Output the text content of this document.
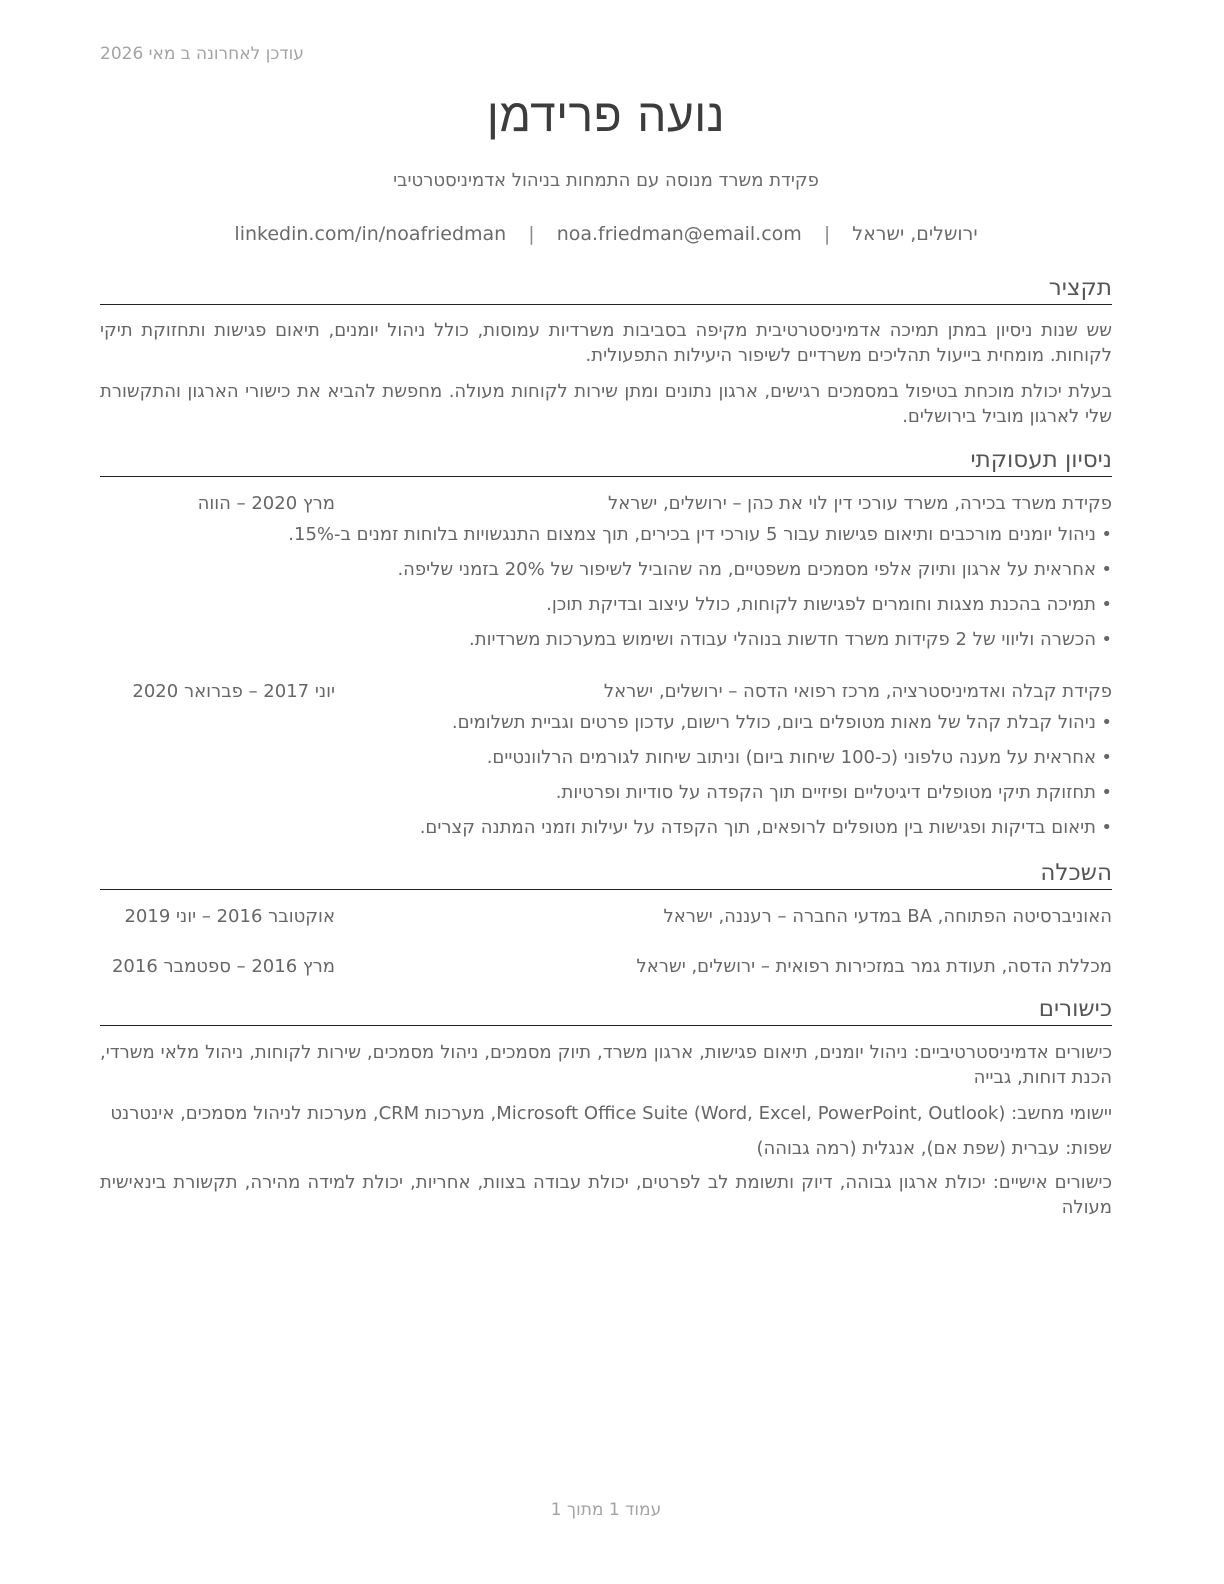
עודכן לאחרונה ב מאי 2026
נועה פרידמן
פקידת משרד מנוסה עם התמחות בניהול אדמיניסטרטיבי
ירושלים, ישראל | noa.friedman@email.com | linkedin.com/in/noafriedman
תקציר
שש שנות ניסיון במתן תמיכה אדמיניסטרטיבית מקיפה בסביבות משרדיות עמוסות, כולל ניהול יומנים, תיאום פגישות ותחזוקת תיקי לקוחות. מומחית בייעול תהליכים משרדיים לשיפור היעילות התפעולית.
בעלת יכולת מוכחת בטיפול במסמכים רגישים, ארגון נתונים ומתן שירות לקוחות מעולה. מחפשת להביא את כישורי הארגון והתקשורת שלי לארגון מוביל בירושלים.
ניסיון תעסוקתי
פקידת משרד בכירה, משרד עורכי דין לוי את כהן – ירושלים, ישראל
מרץ 2020 – הווה
• ניהול יומנים מורכבים ותיאום פגישות עבור 5 עורכי דין בכירים, תוך צמצום התנגשויות בלוחות זמנים ב-15%.
• אחראית על ארגון ותיוק אלפי מסמכים משפטיים, מה שהוביל לשיפור של 20% בזמני שליפה.
• תמיכה בהכנת מצגות וחומרים לפגישות לקוחות, כולל עיצוב ובדיקת תוכן.
• הכשרה וליווי של 2 פקידות משרד חדשות בנוהלי עבודה ושימוש במערכות משרדיות.
פקידת קבלה ואדמיניסטרציה, מרכז רפואי הדסה – ירושלים, ישראל
יוני 2017 – פברואר 2020
• ניהול קבלת קהל של מאות מטופלים ביום, כולל רישום, עדכון פרטים וגביית תשלומים.
• אחראית על מענה טלפוני (כ-100 שיחות ביום) וניתוב שיחות לגורמים הרלוונטיים.
• תחזוקת תיקי מטופלים דיגיטליים ופיזיים תוך הקפדה על סודיות ופרטיות.
• תיאום בדיקות ופגישות בין מטופלים לרופאים, תוך הקפדה על יעילות וזמני המתנה קצרים.
השכלה
האוניברסיטה הפתוחה, BA במדעי החברה – רעננה, ישראל
אוקטובר 2016 – יוני 2019
מכללת הדסה, תעודת גמר במזכירות רפואית – ירושלים, ישראל
מרץ 2016 – ספטמבר 2016
כישורים
כישורים אדמיניסטרטיביים: ניהול יומנים, תיאום פגישות, ארגון משרד, תיוק מסמכים, ניהול מסמכים, שירות לקוחות, ניהול מלאי משרדי, הכנת דוחות, גבייה
יישומי מחשב: Microsoft Office Suite (Word, Excel, PowerPoint, Outlook), מערכות CRM, מערכות לניהול מסמכים, אינטרנט
שפות: עברית (שפת אם), אנגלית (רמה גבוהה)
כישורים אישיים: יכולת ארגון גבוהה, דיוק ותשומת לב לפרטים, יכולת עבודה בצוות, אחריות, יכולת למידה מהירה, תקשורת בינאישית מעולה
עמוד 1 מתוך 1
